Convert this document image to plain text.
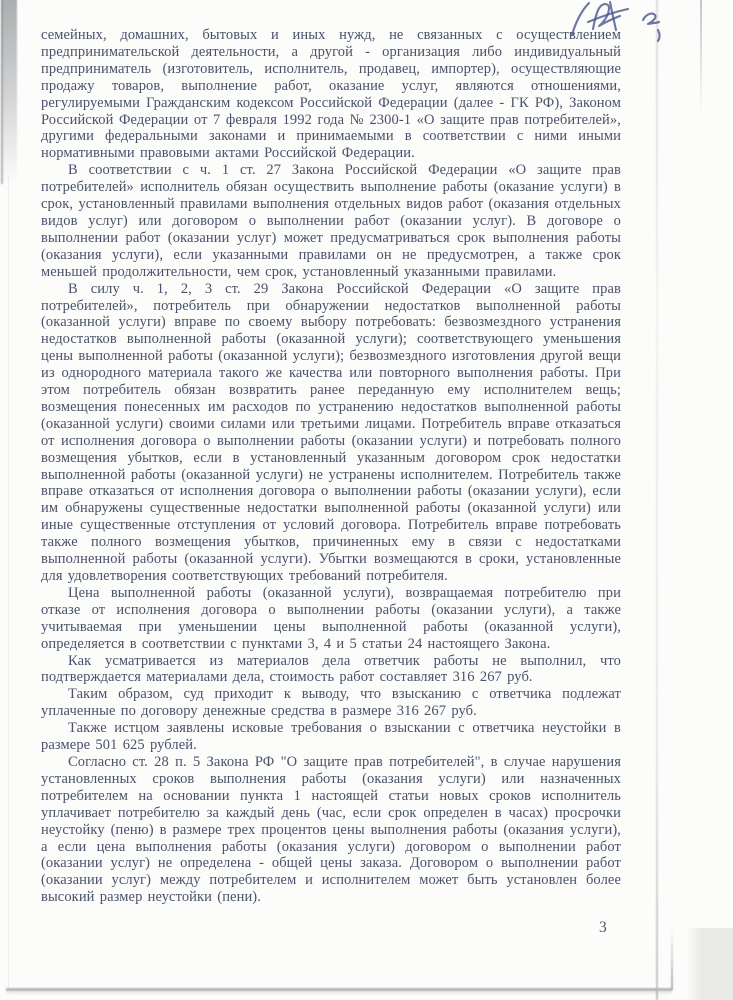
семейных, домашних, бытовых и иных нужд, не связанных с осуществлением предпринимательской деятельности, а другой - организация либо индивидуальный предприниматель (изготовитель, исполнитель, продавец, импортер), осуществляющие продажу товаров, выполнение работ, оказание услуг, являются отношениями, регулируемыми Гражданским кодексом Российской Федерации (далее - ГК РФ), Законом Российской Федерации от 7 февраля 1992 года № 2300-1 «О защите прав потребителей», другими федеральными законами и принимаемыми в соответствии с ними иными нормативными правовыми актами Российской Федерации.

В соответствии с ч. 1 ст. 27 Закона Российской Федерации «О защите прав потребителей» исполнитель обязан осуществить выполнение работы (оказание услуги) в срок, установленный правилами выполнения отдельных видов работ (оказания отдельных видов услуг) или договором о выполнении работ (оказании услуг). В договоре о выполнении работ (оказании услуг) может предусматриваться срок выполнения работы (оказания услуги), если указанными правилами он не предусмотрен, а также срок меньшей продолжительности, чем срок, установленный указанными правилами.

В силу ч. 1, 2, 3 ст. 29 Закона Российской Федерации «О защите прав потребителей», потребитель при обнаружении недостатков выполненной работы (оказанной услуги) вправе по своему выбору потребовать: безвозмездного устранения недостатков выполненной работы (оказанной услуги); соответствующего уменьшения цены выполненной работы (оказанной услуги); безвозмездного изготовления другой вещи из однородного материала такого же качества или повторного выполнения работы. При этом потребитель обязан возвратить ранее переданную ему исполнителем вещь; возмещения понесенных им расходов по устранению недостатков выполненной работы (оказанной услуги) своими силами или третьими лицами. Потребитель вправе отказаться от исполнения договора о выполнении работы (оказании услуги) и потребовать полного возмещения убытков, если в установленный указанным договором срок недостатки выполненной работы (оказанной услуги) не устранены исполнителем. Потребитель также вправе отказаться от исполнения договора о выполнении работы (оказании услуги), если им обнаружены существенные недостатки выполненной работы (оказанной услуги) или иные существенные отступления от условий договора. Потребитель вправе потребовать также полного возмещения убытков, причиненных ему в связи с недостатками выполненной работы (оказанной услуги). Убытки возмещаются в сроки, установленные для удовлетворения соответствующих требований потребителя.

Цена выполненной работы (оказанной услуги), возвращаемая потребителю при отказе от исполнения договора о выполнении работы (оказании услуги), а также учитываемая при уменьшении цены выполненной работы (оказанной услуги), определяется в соответствии с пунктами 3, 4 и 5 статьи 24 настоящего Закона.

Как усматривается из материалов дела ответчик работы не выполнил, что подтверждается материалами дела, стоимость работ составляет 316 267 руб.

Таким образом, суд приходит к выводу, что взысканию с ответчика подлежат уплаченные по договору денежные средства в размере 316 267 руб.

Также истцом заявлены исковые требования о взыскании с ответчика неустойки в размере 501 625 рублей.

Согласно ст. 28 п. 5 Закона РФ "О защите прав потребителей", в случае нарушения установленных сроков выполнения работы (оказания услуги) или назначенных потребителем на основании пункта 1 настоящей статьи новых сроков исполнитель уплачивает потребителю за каждый день (час, если срок определен в часах) просрочки неустойку (пеню) в размере трех процентов цены выполнения работы (оказания услуги), а если цена выполнения работы (оказания услуги) договором о выполнении работ (оказании услуг) не определена - общей цены заказа. Договором о выполнении работ (оказании услуг) между потребителем и исполнителем может быть установлен более высокий размер неустойки (пени).

3
